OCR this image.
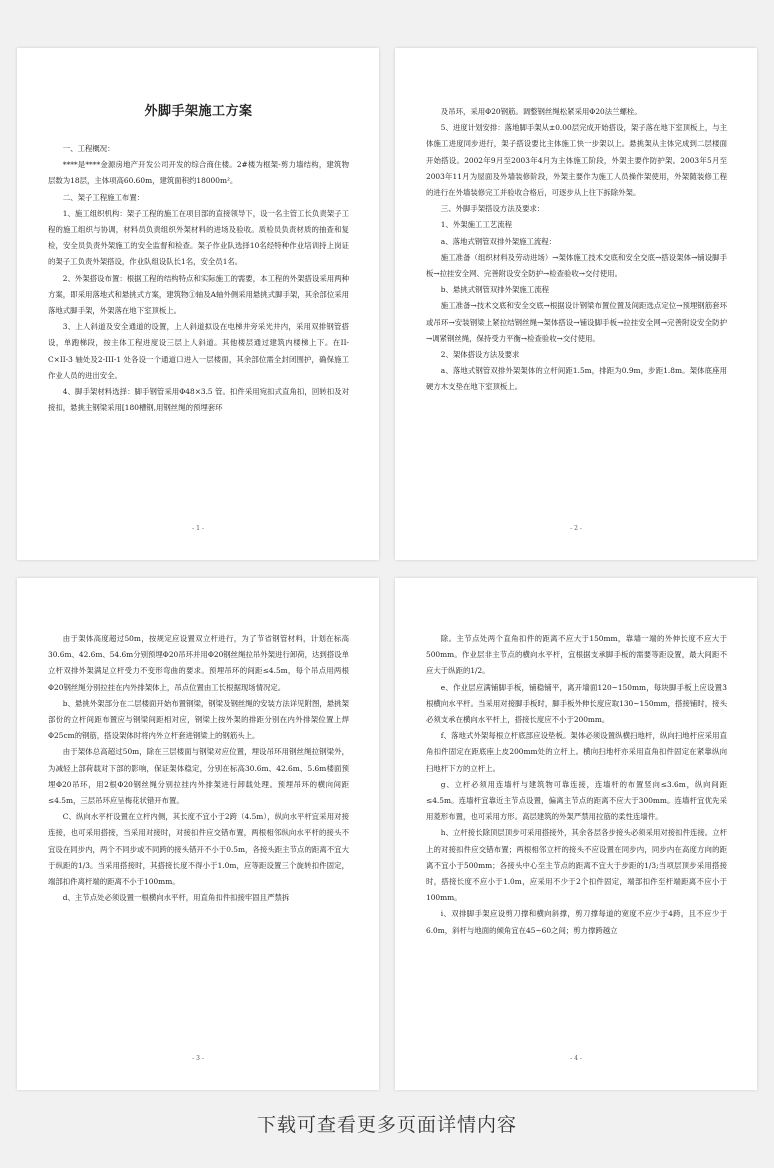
外脚手架施工方案

一、工程概况：

****是****金源房地产开发公司开发的综合商住楼。2#楼为框架-剪力墙结构，建筑物层数为18层，主体项高60.60m，建筑面积约18000m²。

二、架子工程施工布置：

1、施工组织机构：架子工程的施工在项目部的直接领导下，设一名主管工长负责架子工程的施工组织与协调，材料员负责组织外架材料的进场及验收。质检员负责材质的抽查和复检，安全员负责外架施工的安全监督和检查。架子作业队选择10名经特种作业培训持上岗证的架子工负责外架搭设，作业队组设队长1名，安全员1名。

2、外架搭设布置：根据工程的结构特点和实际施工的需要，本工程的外架搭设采用两种方案，即采用落地式和悬挑式方案，建筑物①轴及A轴外侧采用悬挑式脚手架，其余部位采用落地式脚手架，外架落在地下室顶板上。

3、上人斜道及安全通道的设置，上人斜道拟设在电梯井旁采光井内，采用双排钢管搭设，单跑梯段，按主体工程进度设三层上人斜道。其他楼层通过建筑内楼梯上下。在II-C×II-3 轴处及2-III-1 处各设一个通道口进入一层楼面，其余部位需全封闭围护，确保施工作业人员的进出安全。

4、脚手架材料选择：脚手钢管采用Φ48×3.5 管。扣件采用宛扣式直角扣，回转扣及对接扣，悬挑主钢梁采用[180槽钢,用钢丝绳的预埋套环

- 1 -

及吊环，采用Φ20钢筋。调整钢丝绳松紧采用Φ20法兰螺栓。

5、进度计划安排：落地脚手架从±0.00层完成开始搭设，架子落在地下室顶板上，与主体施工进度同步进行，架子搭设要比主体施工快一步架以上。悬挑架从主体完成到二层楼面开始搭设。2002年9月至2003年4月为主体施工阶段，外架主要作防护架。2003年5月至2003年11月为屋面及外墙装修阶段，外架主要作为施工人员操作架使用，外架随装修工程的进行在外墙装修完工并验收合格后，可逐步从上往下拆除外架。

三、外脚手架搭设方法及要求：

1、外架施工工艺流程

a、落地式钢管双排外架施工流程：

施工准备（组织材料及劳动进场）→架体施工技术交底和安全交底→搭设架体→铺设脚手板→拉挂安全网、完善附设安全防护→检查验收→交付使用。

b、悬挑式钢管双排外架施工流程

施工准备→技术交底和安全交底→根据设计钢梁布置位置及间距选点定位→预埋钢筋套环或吊环→安装钢梁上紧拉结钢丝绳→架体搭设→铺设脚手板→拉挂安全网→完善附设安全防护→调紧钢丝绳，保持受力平衡→检查验收→交付使用。

2、架体搭设方法及要求

a、落地式钢管双排外架架体的立杆间距1.5m，排距为0.9m，步距1.8m。架体底座用硬方木支垫在地下室顶板上。

- 2 -

由于架体高度超过50m，按规定应设置双立杆进行，为了节省钢管材料，计划在标高30.6m、42.6m、54.6m分别预埋Φ20吊环并用Φ20钢丝绳拉吊外架进行卸荷，达到搭设单立杆双排外架满足立杆受力不变形弯曲的要求。预埋吊环的间距≤4.5m，每个吊点用两根Φ20钢丝绳分别拉挂在内外排架体上，吊点位置由工长根据现场情况定。

b、悬挑外架部分在二层楼面开始布置钢梁，钢梁及钢丝绳的安装方法详见附图，悬挑架部份的立杆间距布置应与钢梁间距相对应，钢梁上按外架的排距分别在内外排架位置上焊Φ25cm的钢筋，搭设架体时将内外立杆套进钢梁上的钢筋头上。

由于架体总高超过50m，除在三层楼面与钢梁对应位置，埋设吊环用钢丝绳拉钢梁外，为减轻上部荷载对下部的影响，保证架体稳定，分别在标高30.6m、42.6m、5.6m楼面预埋Φ20吊环，用2根Φ20钢丝绳分别拉挂内外排架进行卸载处理。预埋吊环的横向间距≤4.5m，三层吊环应呈梅花状错开布置。

C、纵向水平杆设置在立杆内侧，其长度不宜小于2跨（4.5m），纵向水平杆宜采用对接连接，也可采用搭接，当采用对接时，对接扣件应交错布置，两根相邻纵向水平杆的接头不宜设在同步内，两个不同步或不同跨的接头错开不小于0.5m，各接头距主节点的距离不宜大于纵距的1/3。当采用搭接时，其搭接长度不得小于1.0m，应等距设置三个旋转扣件固定，端部扣件离杆端的距离不小于100mm。

d、主节点处必须设置一根横向水平杆，用直角扣件扣接牢固且严禁拆

- 3 -

除。主节点处两个直角扣件的距离不应大于150mm，靠墙一端的外伸长度不应大于500mm。作业层非主节点的横向水平杆，宜根据支承脚手板的需要等距设置，最大间距不应大于纵距的1/2。

e、作业层应满铺脚手板，铺稳铺平，离开墙面120~150mm，每块脚手板上应设置3根横向水平杆。当采用对接脚手板时，脚手板外伸长度应取130~150mm，搭接铺时，接头必须支承在横向水平杆上，搭接长度应不小于200mm。

f、落地式外架每根立杆底部应设垫板。架体必须设置纵横扫地杆，纵向扫地杆应采用直角扣件固定在距底座上皮200mm处的立杆上。横向扫地杆亦采用直角扣件固定在紧靠纵向扫地杆下方的立杆上。

g、立杆必须用连墙杆与建筑物可靠连接，连墙杆的布置竖向≤3.6m，纵向间距≤4.5m。连墙杆宜靠近主节点设置，偏离主节点的距离不应大于300mm。连墙杆宜优先采用菱形布置，也可采用方形。高层建筑的外架严禁用拉筋的柔性连墙件。

h、立杆接长除顶层顶步可采用搭接外，其余各层各步接头必须采用对接扣件连接。立杆上的对接扣件应交错布置；两根相邻立杆的接头不应设置在同步内，同步内在高度方向的距离不宜小于500mm；各接头中心至主节点的距离不宜大于步距的1/3;当项层顶步采用搭接时，搭接长度不应小于1.0m，应采用不少于2个扣件固定，端部扣件至杆端距离不应小于100mm。

i、双排脚手架应设剪刀撑和横向斜撑，剪刀撑每道的宽度不应少于4跨，且不应少于6.0m，斜杆与地面的倾角宜在45~60之间；剪力撑跨越立

- 4 -
下载可查看更多页面详情内容
